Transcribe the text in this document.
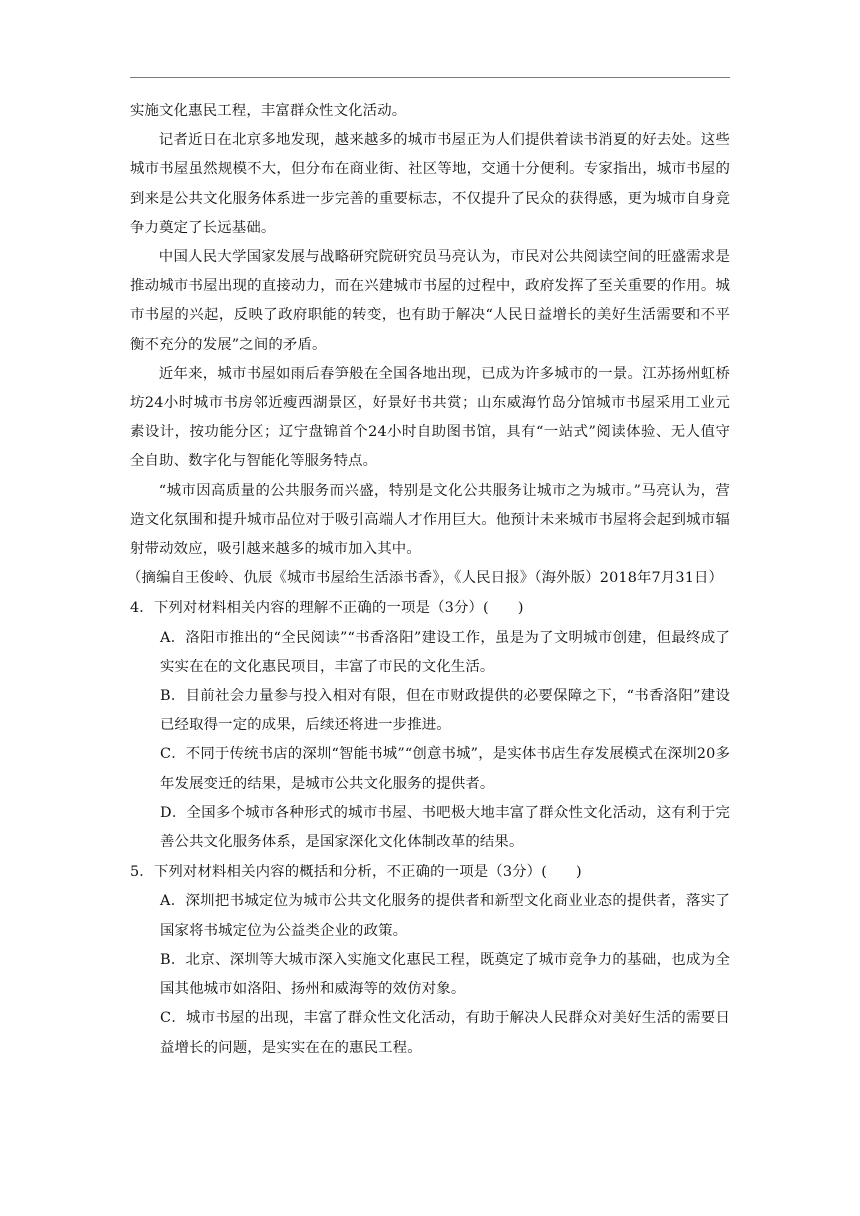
实施文化惠民工程，丰富群众性文化活动。

记者近日在北京多地发现，越来越多的城市书屋正为人们提供着读书消夏的好去处。这些城市书屋虽然规模不大，但分布在商业街、社区等地，交通十分便利。专家指出，城市书屋的到来是公共文化服务体系进一步完善的重要标志，不仅提升了民众的获得感，更为城市自身竞争力奠定了长远基础。

中国人民大学国家发展与战略研究院研究员马亮认为，市民对公共阅读空间的旺盛需求是推动城市书屋出现的直接动力，而在兴建城市书屋的过程中，政府发挥了至关重要的作用。城市书屋的兴起，反映了政府职能的转变，也有助于解决“人民日益增长的美好生活需要和不平衡不充分的发展”之间的矛盾。

近年来，城市书屋如雨后春笋般在全国各地出现，已成为许多城市的一景。江苏扬州虹桥坊24小时城市书房邻近瘦西湖景区，好景好书共赏；山东威海竹岛分馆城市书屋采用工业元素设计，按功能分区；辽宁盘锦首个24小时自助图书馆，具有“一站式”阅读体验、无人值守全自助、数字化与智能化等服务特点。

“城市因高质量的公共服务而兴盛，特别是文化公共服务让城市之为城市。”马亮认为，营造文化氛围和提升城市品位对于吸引高端人才作用巨大。他预计未来城市书屋将会起到城市辐射带动效应，吸引越来越多的城市加入其中。

（摘编自王俊岭、仇辰《城市书屋给生活添书香》，《人民日报》（海外版）2018年7月31日）

4．下列对材料相关内容的理解不正确的一项是（3分）(　　)

A．洛阳市推出的“全民阅读”“书香洛阳”建设工作，虽是为了文明城市创建，但最终成了实实在在的文化惠民项目，丰富了市民的文化生活。

B．目前社会力量参与投入相对有限，但在市财政提供的必要保障之下，“书香洛阳”建设已经取得一定的成果，后续还将进一步推进。

C．不同于传统书店的深圳“智能书城”“创意书城”，是实体书店生存发展模式在深圳20多年发展变迁的结果，是城市公共文化服务的提供者。

D．全国多个城市各种形式的城市书屋、书吧极大地丰富了群众性文化活动，这有利于完善公共文化服务体系，是国家深化文化体制改革的结果。

5．下列对材料相关内容的概括和分析，不正确的一项是（3分）(　　)

A．深圳把书城定位为城市公共文化服务的提供者和新型文化商业业态的提供者，落实了国家将书城定位为公益类企业的政策。

B．北京、深圳等大城市深入实施文化惠民工程，既奠定了城市竞争力的基础，也成为全国其他城市如洛阳、扬州和威海等的效仿对象。

C．城市书屋的出现，丰富了群众性文化活动，有助于解决人民群众对美好生活的需要日益增长的问题，是实实在在的惠民工程。
